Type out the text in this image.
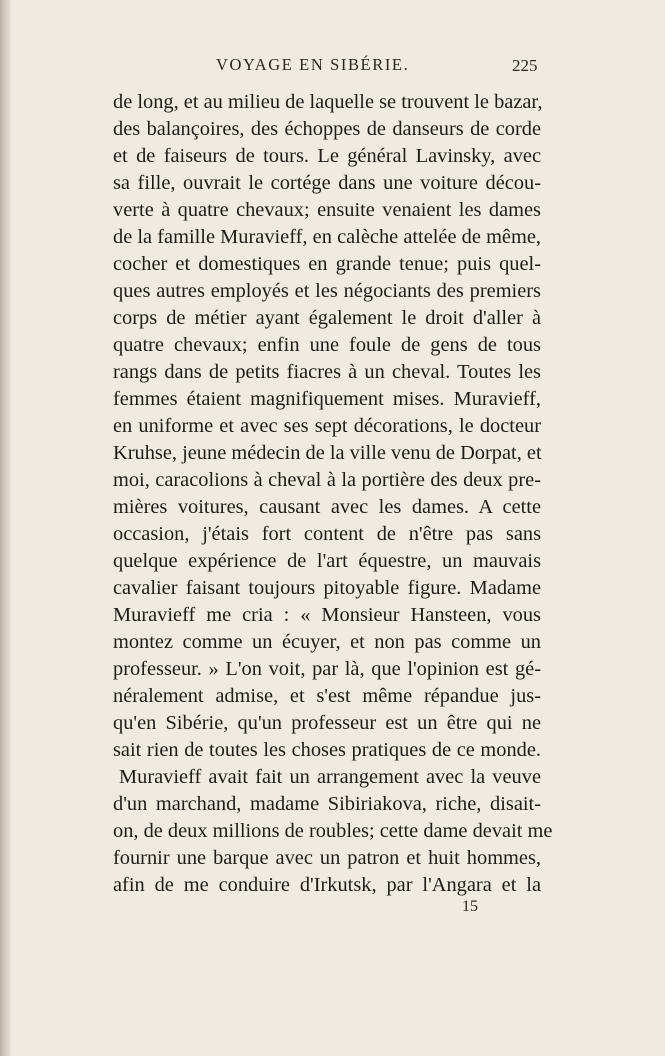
VOYAGE EN SIBÉRIE.	225
de long, et au milieu de laquelle se trouvent le bazar,
des balançoires, des échoppes de danseurs de corde
et de faiseurs de tours. Le général Lavinsky, avec
sa fille, ouvrait le cortége dans une voiture décou-
verte à quatre chevaux; ensuite venaient les dames
de la famille Muravieff, en calèche attelée de même,
cocher et domestiques en grande tenue; puis quel-
ques autres employés et les négociants des premiers
corps de métier ayant également le droit d'aller à
quatre chevaux; enfin une foule de gens de tous
rangs dans de petits fiacres à un cheval. Toutes les
femmes étaient magnifiquement mises. Muravieff,
en uniforme et avec ses sept décorations, le docteur
Kruhse, jeune médecin de la ville venu de Dorpat, et
moi, caracolions à cheval à la portière des deux pre-
mières voitures, causant avec les dames. A cette
occasion, j'étais fort content de n'être pas sans
quelque expérience de l'art équestre, un mauvais
cavalier faisant toujours pitoyable figure. Madame
Muravieff me cria : « Monsieur Hansteen, vous
montez comme un écuyer, et non pas comme un
professeur. » L'on voit, par là, que l'opinion est gé-
néralement admise, et s'est même répandue jus-
qu'en Sibérie, qu'un professeur est un être qui ne
sait rien de toutes les choses pratiques de ce monde.
Muravieff avait fait un arrangement avec la veuve
d'un marchand, madame Sibiriakova, riche, disait-
on, de deux millions de roubles; cette dame devait me
fournir une barque avec un patron et huit hommes,
afin de me conduire d'Irkutsk, par l'Angara et la
15
